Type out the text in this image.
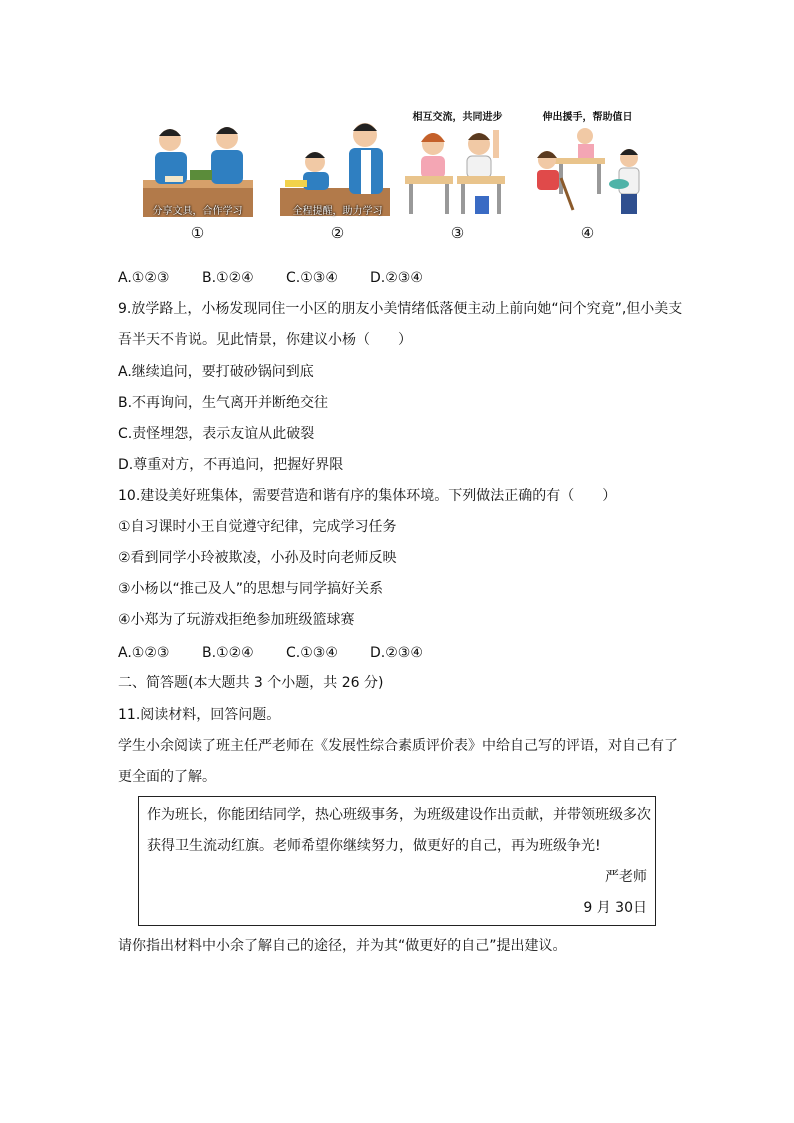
分享文具，合作学习
①
全程提醒，助力学习
②
相互交流，共同进步
③
伸出援手，帮助值日
④
A.①②③ B.①②④ C.①③④ D.②③④
9.放学路上，小杨发现同住一小区的朋友小美情绪低落便主动上前向她“问个究竟”,但小美支
吾半天不肯说。见此情景，你建议小杨（　　）
A.继续追问，要打破砂锅问到底
B.不再询问，生气离开并断绝交往
C.责怪埋怨，表示友谊从此破裂
D.尊重对方，不再追问，把握好界限
10.建设美好班集体，需要营造和谐有序的集体环境。下列做法正确的有（　　）
①自习课时小王自觉遵守纪律，完成学习任务
②看到同学小玲被欺凌，小孙及时向老师反映
③小杨以“推己及人”的思想与同学搞好关系
④小郑为了玩游戏拒绝参加班级篮球赛
A.①②③ B.①②④ C.①③④ D.②③④
二、简答题(本大题共 3 个小题，共 26 分)
11.阅读材料，回答问题。
学生小余阅读了班主任严老师在《发展性综合素质评价表》中给自己写的评语，对自己有了
更全面的了解。
作为班长，你能团结同学，热心班级事务，为班级建设作出贡献，并带领班级多次
获得卫生流动红旗。老师希望你继续努力，做更好的自己，再为班级争光!
严老师
9 月 30日
请你指出材料中小余了解自己的途径，并为其“做更好的自己”提出建议。
